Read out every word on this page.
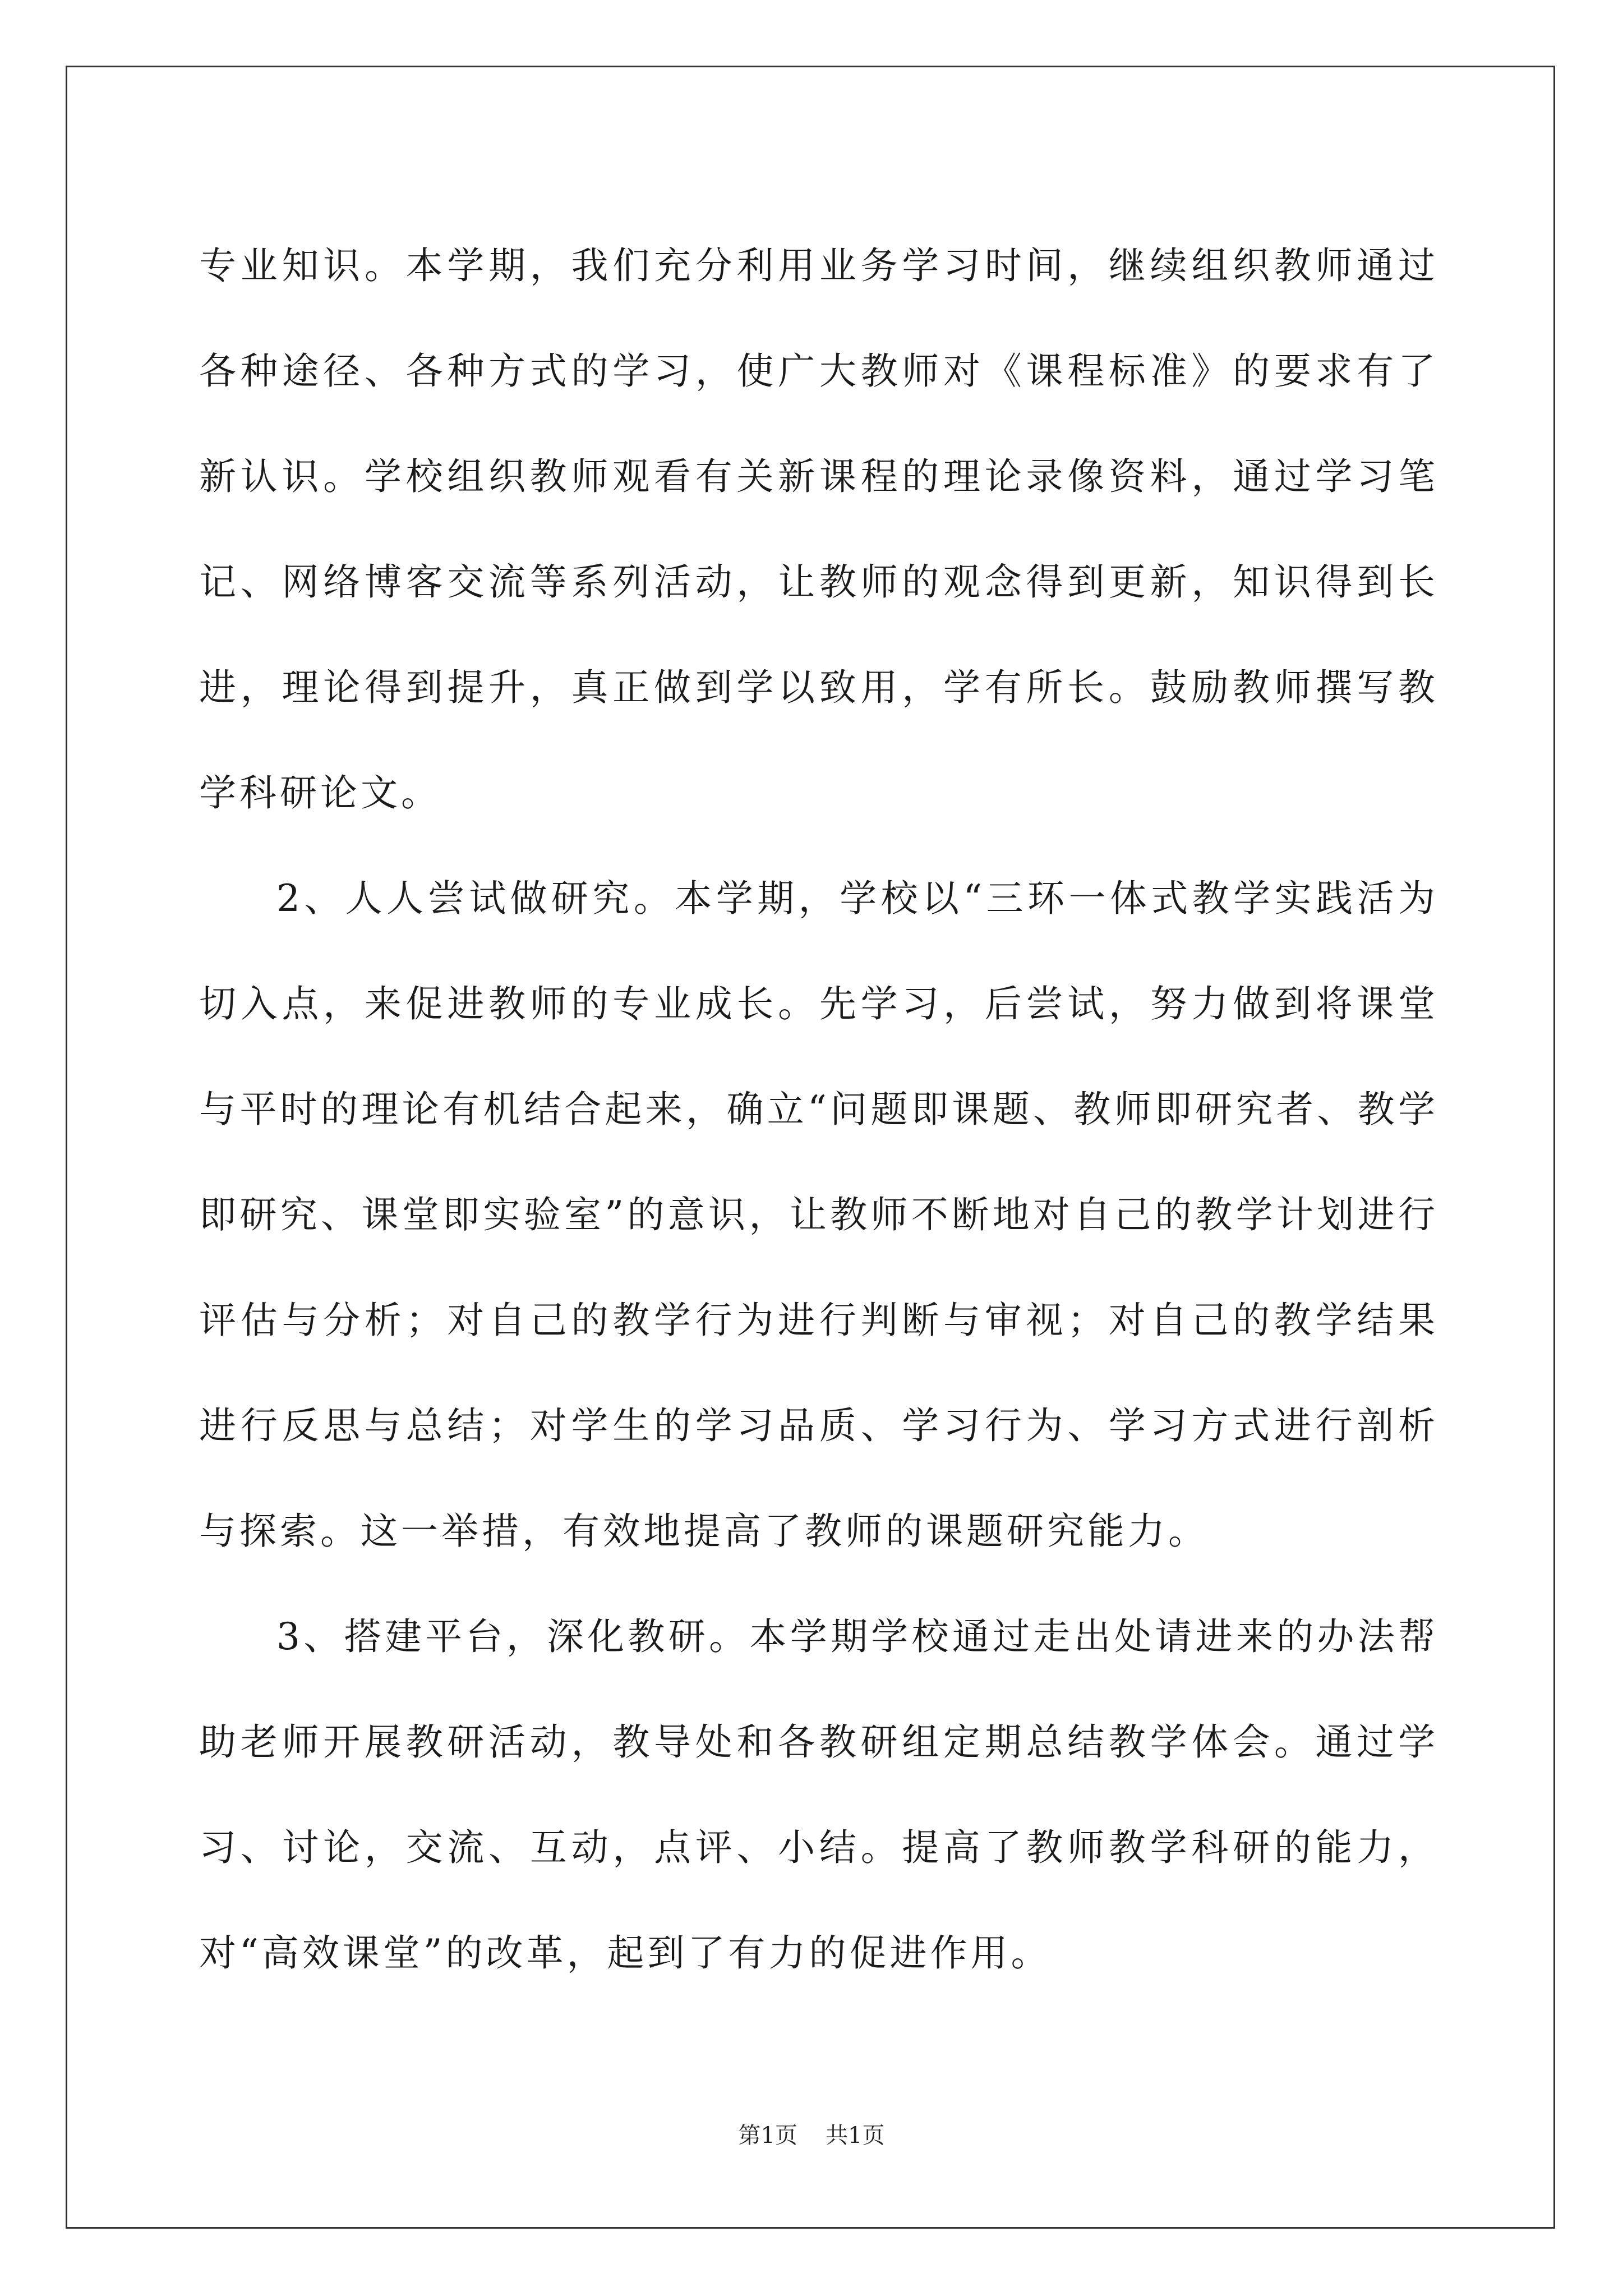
专业知识。本学期，我们充分利用业务学习时间，继续组织教师通过各种途径、各种方式的学习，使广大教师对《课程标准》的要求有了新认识。学校组织教师观看有关新课程的理论录像资料，通过学习笔记、网络博客交流等系列活动，让教师的观念得到更新，知识得到长进，理论得到提升，真正做到学以致用，学有所长。鼓励教师撰写教学科研论文。

2、人人尝试做研究。本学期，学校以“三环一体式教学实践活为切入点，来促进教师的专业成长。先学习，后尝试，努力做到将课堂与平时的理论有机结合起来，确立“问题即课题、教师即研究者、教学即研究、课堂即实验室”的意识，让教师不断地对自己的教学计划进行评估与分析；对自己的教学行为进行判断与审视；对自己的教学结果进行反思与总结；对学生的学习品质、学习行为、学习方式进行剖析与探索。这一举措，有效地提高了教师的课题研究能力。

3、搭建平台，深化教研。本学期学校通过走出处请进来的办法帮助老师开展教研活动，教导处和各教研组定期总结教学体会。通过学习、讨论，交流、互动，点评、小结。提高了教师教学科研的能力，对“高效课堂”的改革，起到了有力的促进作用。

第1页 共1页
